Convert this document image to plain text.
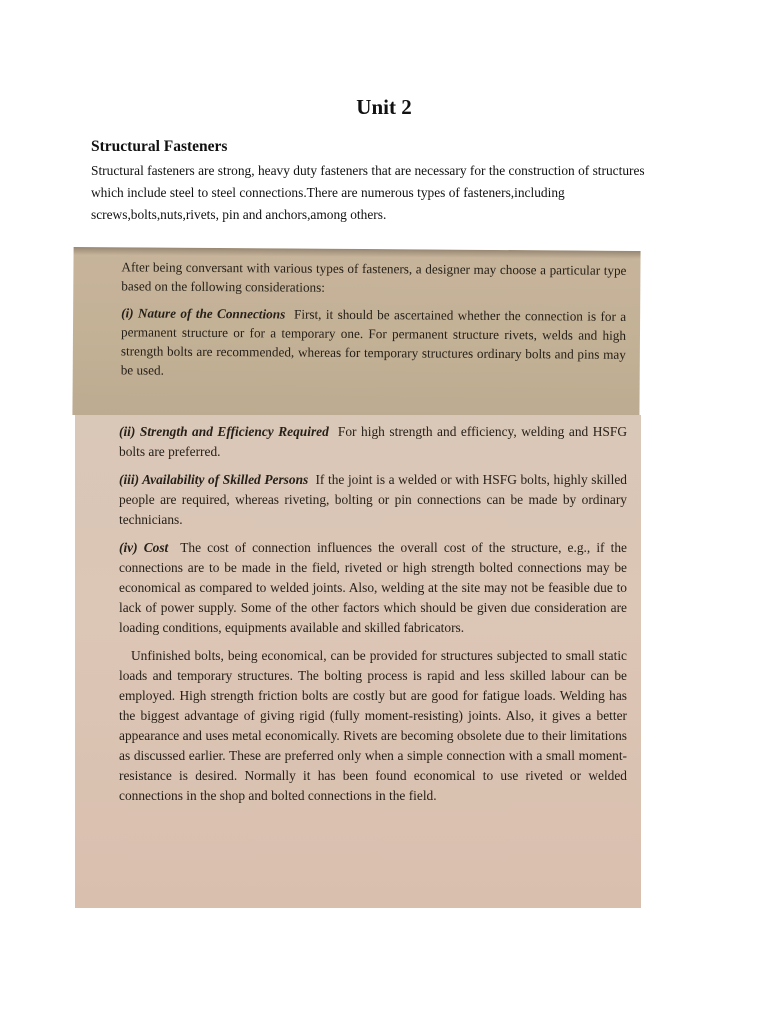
Unit 2
Structural Fasteners

Structural fasteners are strong, heavy duty fasteners that are necessary for the construction of structures which include steel to steel connections.There are numerous types of fasteners,including screws,bolts,nuts,rivets, pin and anchors,among others.

After being conversant with various types of fasteners, a designer may choose a particular type based on the following considerations:

(i) Nature of the Connections First, it should be ascertained whether the connection is for a permanent structure or for a temporary one. For permanent structure rivets, welds and high strength bolts are recommended, whereas for temporary structures ordinary bolts and pins may be used.

(ii) Strength and Efficiency Required For high strength and efficiency, welding and HSFG bolts are preferred.

(iii) Availability of Skilled Persons If the joint is a welded or with HSFG bolts, highly skilled people are required, whereas riveting, bolting or pin connections can be made by ordinary technicians.

(iv) Cost The cost of connection influences the overall cost of the structure, e.g., if the connections are to be made in the field, riveted or high strength bolted connections may be economical as compared to welded joints. Also, welding at the site may not be feasible due to lack of power supply. Some of the other factors which should be given due consideration are loading conditions, equipments available and skilled fabricators.

Unfinished bolts, being economical, can be provided for structures subjected to small static loads and temporary structures. The bolting process is rapid and less skilled labour can be employed. High strength friction bolts are costly but are good for fatigue loads. Welding has the biggest advantage of giving rigid (fully moment-resisting) joints. Also, it gives a better appearance and uses metal economically. Rivets are becoming obsolete due to their limitations as discussed earlier. These are preferred only when a simple connection with a small moment-resistance is desired. Normally it has been found economical to use riveted or welded connections in the shop and bolted connections in the field.
